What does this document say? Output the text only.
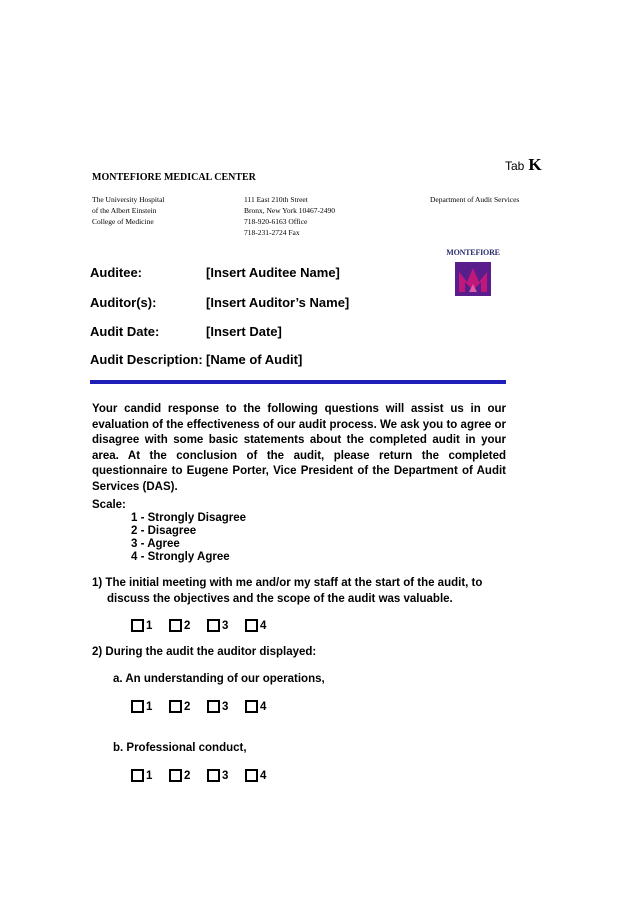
Tab K
MONTEFIORE MEDICAL CENTER
The University Hospital
of the Albert Einstein
College of Medicine
111 East 210th Street
Bronx, New York 10467-2490
718-920-6163 Office
718-231-2724 Fax
Department of Audit Services
MONTEFIORE
Auditee:	[Insert Auditee Name]
Auditor(s):	[Insert Auditor’s Name]
Audit Date:	[Insert Date]
Audit Description: [Name of Audit]
Your candid response to the following questions will assist us in our evaluation of the effectiveness of our audit process. We ask you to agree or disagree with some basic statements about the completed audit in your area. At the conclusion of the audit, please return the completed questionnaire to Eugene Porter, Vice President of the Department of Audit Services (DAS).
Scale:
1 - Strongly Disagree
2 - Disagree
3 - Agree
4 - Strongly Agree
1) The initial meeting with me and/or my staff at the start of the audit, to
discuss the objectives and the scope of the audit was valuable.
1	2	3	4
2) During the audit the auditor displayed:
a. An understanding of our operations,
1	2	3	4
b. Professional conduct,
1	2	3	4
